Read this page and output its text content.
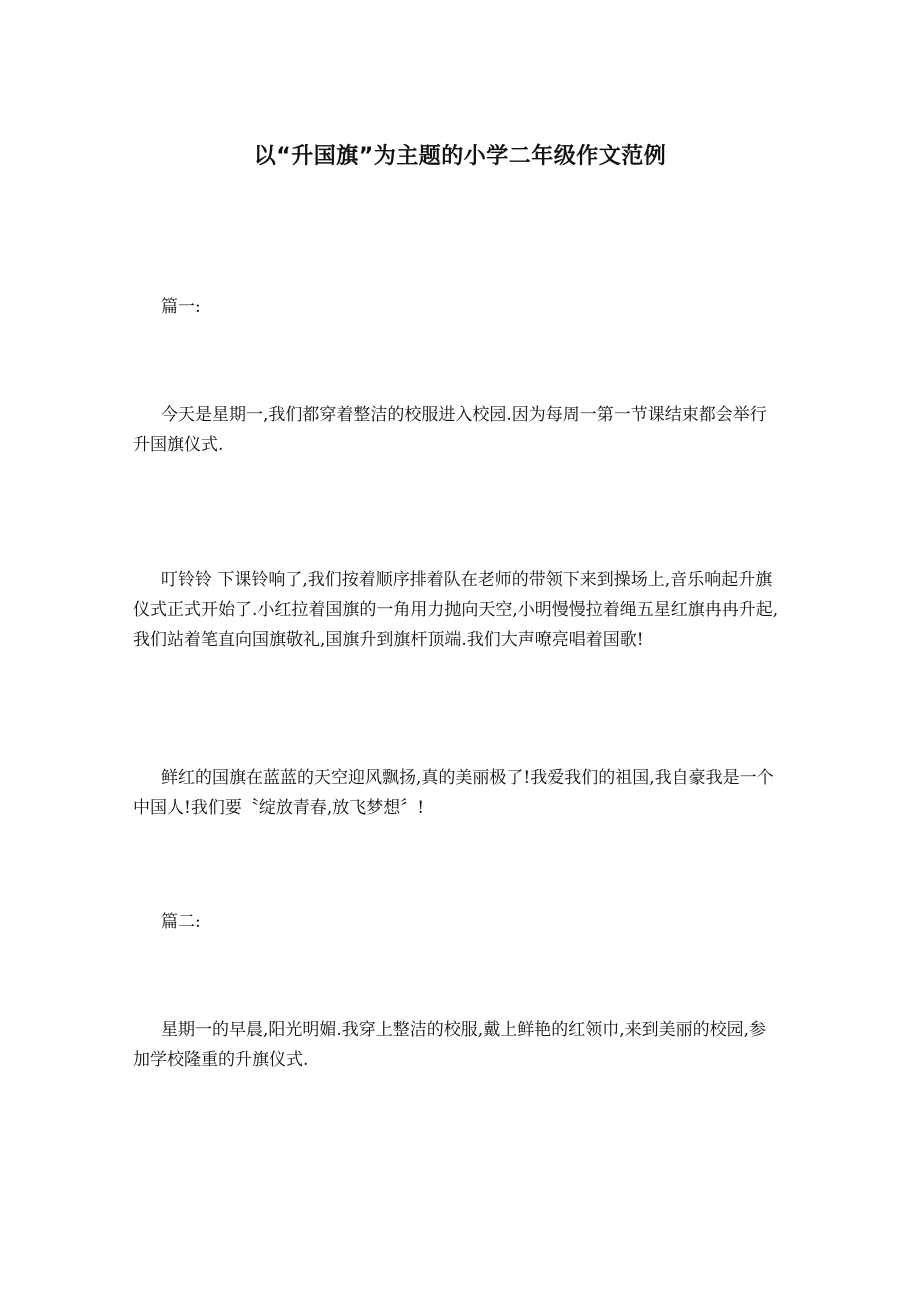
以“升国旗”为主题的小学二年级作文范例

篇一:

今天是星期一,我们都穿着整洁的校服进入校园.因为每周一第一节课结束都会举行升国旗仪式.

叮铃铃 下课铃响了,我们按着顺序排着队在老师的带领下来到操场上,音乐响起升旗仪式正式开始了.小红拉着国旗的一角用力抛向天空,小明慢慢拉着绳五星红旗冉冉升起,我们站着笔直向国旗敬礼,国旗升到旗杆顶端.我们大声嘹亮唱着国歌!

鲜红的国旗在蓝蓝的天空迎风飘扬,真的美丽极了!我爱我们的祖国,我自豪我是一个中国人!我们要〝绽放青春,放飞梦想〞!

篇二:

星期一的早晨,阳光明媚.我穿上整洁的校服,戴上鲜艳的红领巾,来到美丽的校园,参加学校隆重的升旗仪式.
